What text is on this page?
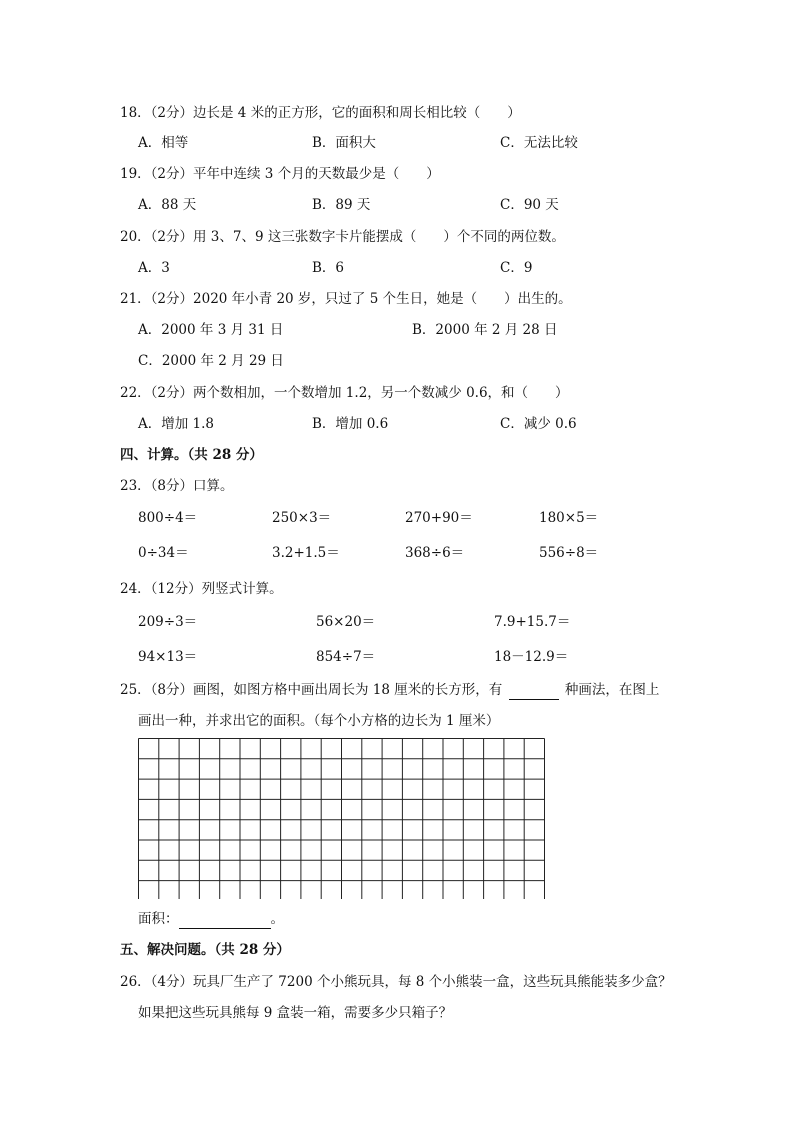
18．（2分）边长是 4 米的正方形，它的面积和周长相比较（　　）
A．相等	B．面积大	C．无法比较
19．（2分）平年中连续 3 个月的天数最少是（　　）
A．88 天	B．89 天	C．90 天
20．（2分）用 3、7、9 这三张数字卡片能摆成（　　）个不同的两位数。
A．3	B．6	C．9
21．（2分）2020 年小青 20 岁，只过了 5 个生日，她是（　　）出生的。
A．2000 年 3 月 31 日	B．2000 年 2 月 28 日
C．2000 年 2 月 29 日
22．（2分）两个数相加，一个数增加 1.2，另一个数减少 0.6，和（　　）
A．增加 1.8	B．增加 0.6	C．减少 0.6
四、计算。（共 28 分）
23．（8分）口算。
800÷4＝	250×3＝	270+90＝	180×5＝
0÷34＝	3.2+1.5＝	368÷6＝	556÷8＝
24．（12分）列竖式计算。
209÷3＝	56×20＝	7.9+15.7＝
94×13＝	854÷7＝	18－12.9＝
25．（8分）画图，如图方格中画出周长为 18 厘米的长方形，有	种画法，在图上
画出一种，并求出它的面积。（每个小方格的边长为 1 厘米）
面积：	。
五、解决问题。（共 28 分）
26．（4分）玩具厂生产了 7200 个小熊玩具，每 8 个小熊装一盒，这些玩具熊能装多少盒？
如果把这些玩具熊每 9 盒装一箱，需要多少只箱子？
